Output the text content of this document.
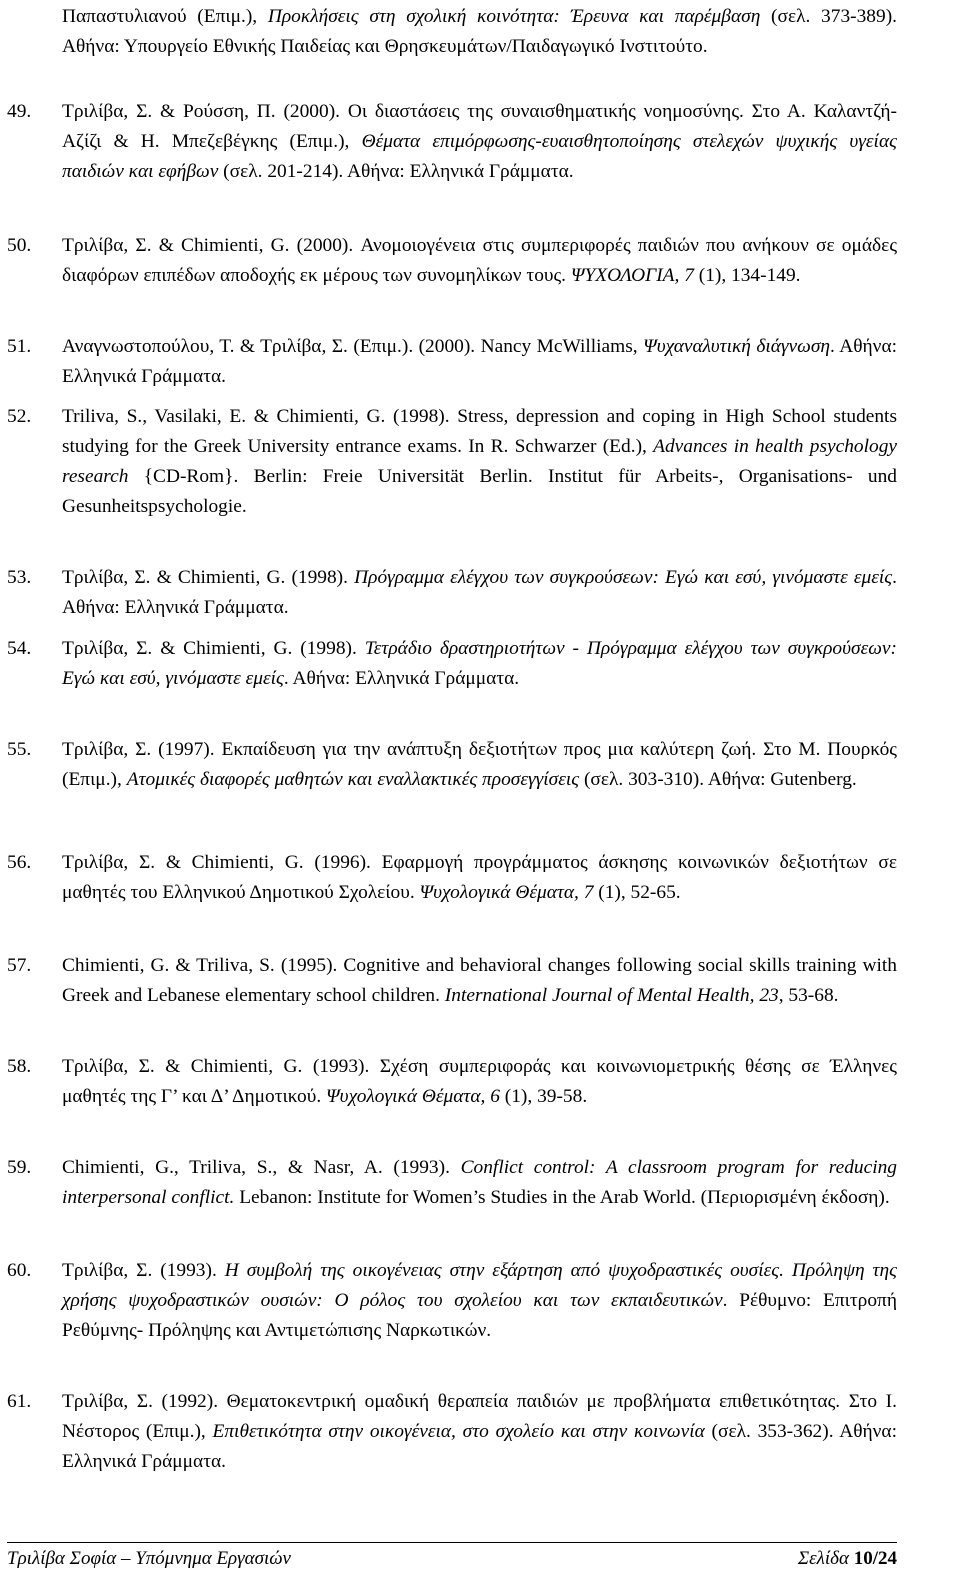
Παπαστυλιανού (Επιμ.), Προκλήσεις στη σχολική κοινότητα: Έρευνα και παρέμβαση (σελ. 373-389). Αθήνα: Υπουργείο Εθνικής Παιδείας και Θρησκευμάτων/Παιδαγωγικό Ινστιτούτο.
49.	Τριλίβα, Σ. & Ρούσση, Π. (2000). Οι διαστάσεις της συναισθηματικής νοημοσύνης. Στο Α. Καλαντζή-Αζίζι & Η. Μπεζεβέγκης (Επιμ.), Θέματα επιμόρφωσης-ευαισθητοποίησης στελεχών ψυχικής υγείας παιδιών και εφήβων (σελ. 201-214). Αθήνα: Ελληνικά Γράμματα.
50.	Τριλίβα, Σ. & Chimienti, G. (2000). Ανομοιογένεια στις συμπεριφορές παιδιών που ανήκουν σε ομάδες διαφόρων επιπέδων αποδοχής εκ μέρους των συνομηλίκων τους. ΨΥΧΟΛΟΓΙΑ, 7 (1), 134-149.
51.	Αναγνωστοπούλου, Τ. & Τριλίβα, Σ. (Επιμ.). (2000). Nancy McWilliams, Ψυχαναλυτική διάγνωση. Αθήνα: Ελληνικά Γράμματα.
52.	Triliva, S., Vasilaki, E. & Chimienti, G. (1998). Stress, depression and coping in High School students studying for the Greek University entrance exams. In R. Schwarzer (Ed.), Advances in health psychology research {CD-Rom}. Berlin: Freie Universität Berlin. Institut für Arbeits-, Organisations- und Gesunheitspsychologie.
53.	Τριλίβα, Σ. & Chimienti, G. (1998). Πρόγραμμα ελέγχου των συγκρούσεων: Εγώ και εσύ, γινόμαστε εμείς. Αθήνα: Ελληνικά Γράμματα.
54.	Τριλίβα, Σ. & Chimienti, G. (1998). Τετράδιο δραστηριοτήτων - Πρόγραμμα ελέγχου των συγκρούσεων: Εγώ και εσύ, γινόμαστε εμείς. Αθήνα: Ελληνικά Γράμματα.
55.	Τριλίβα, Σ. (1997). Εκπαίδευση για την ανάπτυξη δεξιοτήτων προς μια καλύτερη ζωή. Στο Μ. Πουρκός (Επιμ.), Ατομικές διαφορές μαθητών και εναλλακτικές προσεγγίσεις (σελ. 303-310). Αθήνα: Gutenberg.
56.	Τριλίβα, Σ. & Chimienti, G. (1996). Εφαρμογή προγράμματος άσκησης κοινωνικών δεξιοτήτων σε μαθητές του Ελληνικού Δημοτικού Σχολείου. Ψυχολογικά Θέματα, 7 (1), 52-65.
57.	Chimienti, G. & Triliva, S. (1995). Cognitive and behavioral changes following social skills training with Greek and Lebanese elementary school children. International Journal of Mental Health, 23, 53-68.
58.	Τριλίβα, Σ. & Chimienti, G. (1993). Σχέση συμπεριφοράς και κοινωνιομετρικής θέσης σε Έλληνες μαθητές της Γ’ και Δ’ Δημοτικού. Ψυχολογικά Θέματα, 6 (1), 39-58.
59.	Chimienti, G., Triliva, S., & Nasr, A. (1993). Conflict control: A classroom program for reducing interpersonal conflict. Lebanon: Institute for Women’s Studies in the Arab World. (Περιορισμένη έκδοση).
60.	Τριλίβα, Σ. (1993). Η συμβολή της οικογένειας στην εξάρτηση από ψυχοδραστικές ουσίες. Πρόληψη της χρήσης ψυχοδραστικών ουσιών: Ο ρόλος του σχολείου και των εκπαιδευτικών. Ρέθυμνο: Επιτροπή Ρεθύμνης- Πρόληψης και Αντιμετώπισης Ναρκωτικών.
61.	Τριλίβα, Σ. (1992). Θεματοκεντρική ομαδική θεραπεία παιδιών με προβλήματα επιθετικότητας. Στο Ι. Νέστορος (Επιμ.), Επιθετικότητα στην οικογένεια, στο σχολείο και στην κοινωνία (σελ. 353-362). Αθήνα: Ελληνικά Γράμματα.
Τριλίβα Σοφία – Υπόμνημα Εργασιών	Σελίδα 10/24
